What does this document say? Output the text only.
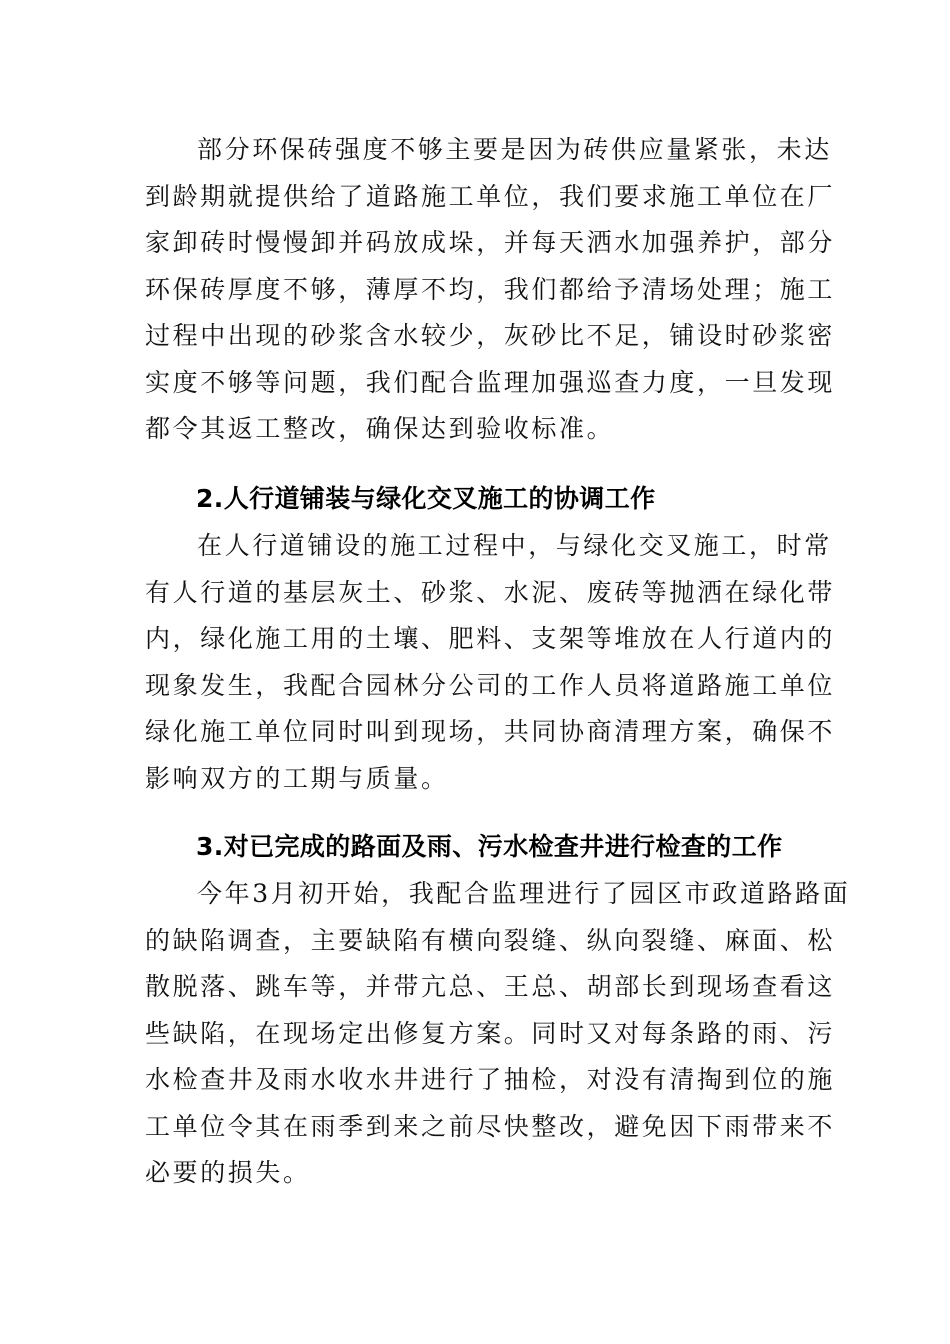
部分环保砖强度不够主要是因为砖供应量紧张，未达
到龄期就提供给了道路施工单位，我们要求施工单位在厂
家卸砖时慢慢卸并码放成垛，并每天洒水加强养护，部分
环保砖厚度不够，薄厚不均，我们都给予清场处理；施工
过程中出现的砂浆含水较少，灰砂比不足，铺设时砂浆密
实度不够等问题，我们配合监理加强巡查力度，一旦发现
都令其返工整改，确保达到验收标准。
2.人行道铺装与绿化交叉施工的协调工作
在人行道铺设的施工过程中，与绿化交叉施工，时常
有人行道的基层灰土、砂浆、水泥、废砖等抛洒在绿化带
内，绿化施工用的土壤、肥料、支架等堆放在人行道内的
现象发生，我配合园林分公司的工作人员将道路施工单位
绿化施工单位同时叫到现场，共同协商清理方案，确保不
影响双方的工期与质量。
3.对已完成的路面及雨、污水检查井进行检查的工作
今年3月初开始，我配合监理进行了园区市政道路路面
的缺陷调查，主要缺陷有横向裂缝、纵向裂缝、麻面、松
散脱落、跳车等，并带亢总、王总、胡部长到现场查看这
些缺陷，在现场定出修复方案。同时又对每条路的雨、污
水检查井及雨水收水井进行了抽检，对没有清掏到位的施
工单位令其在雨季到来之前尽快整改，避免因下雨带来不
必要的损失。
